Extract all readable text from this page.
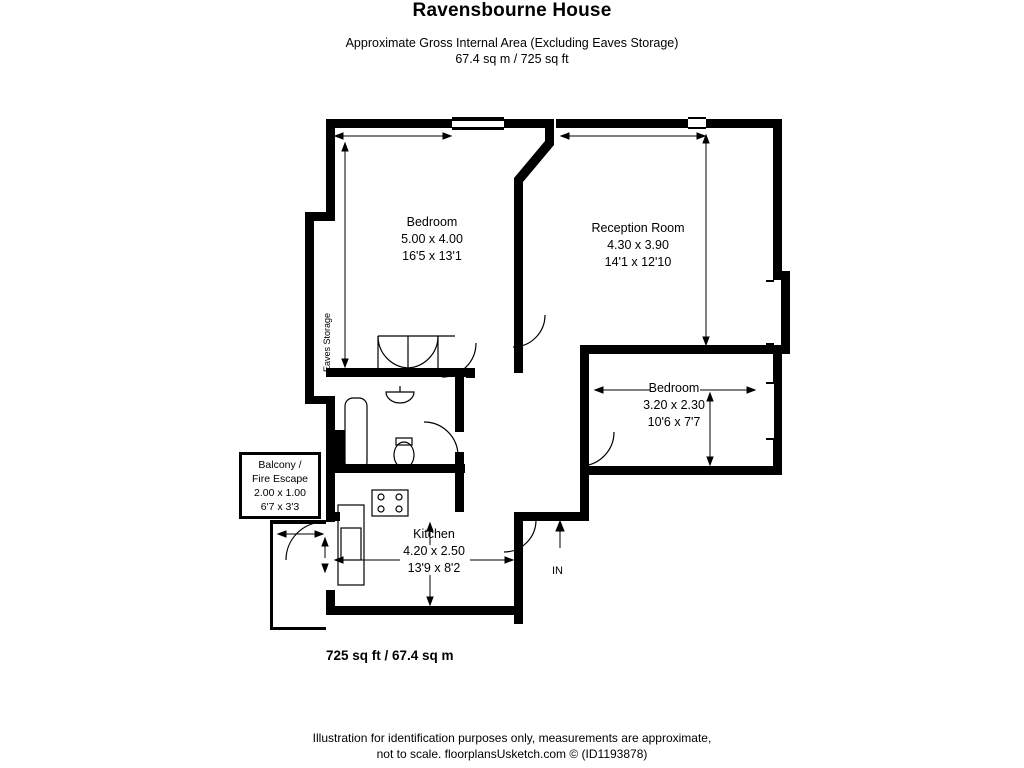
Ravensbourne House
Approximate Gross Internal Area (Excluding Eaves Storage)
67.4 sq m / 725 sq ft
Bedroom
5.00 x 4.00
16'5 x 13'1
Reception Room
4.30 x 3.90
14'1 x 12'10
Bedroom
3.20 x 2.30
10'6 x 7'7
Kitchen
4.20 x 2.50
13'9 x 8'2
Balcony /
Fire Escape
2.00 x 1.00
6'7 x 3'3
Eaves Storage
IN
725 sq ft / 67.4 sq m
Illustration for identification purposes only, measurements are approximate,
not to scale. floorplansUsketch.com © (ID1193878)
